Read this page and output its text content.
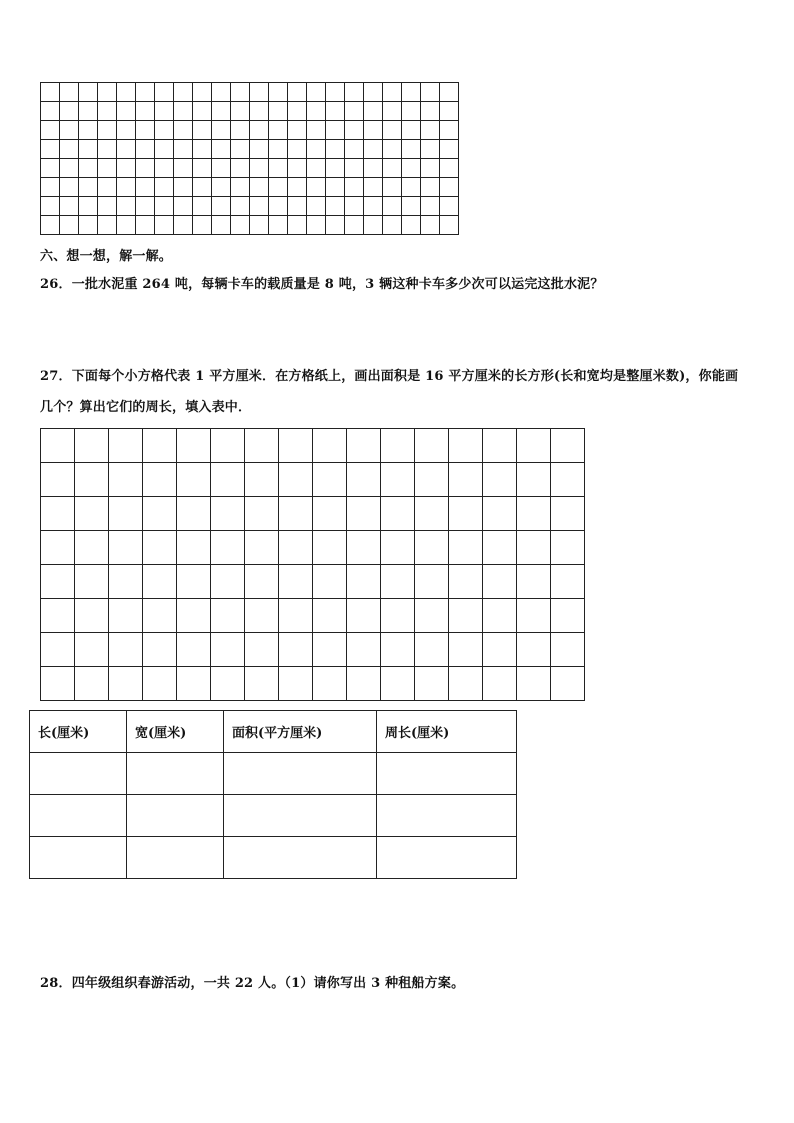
六、想一想，解一解。
26．一批水泥重 264 吨，每辆卡车的载质量是 8 吨，3 辆这种卡车多少次可以运完这批水泥？
27．下面每个小方格代表 1 平方厘米．在方格纸上，画出面积是 16 平方厘米的长方形(长和宽均是整厘米数)，你能画
几个？算出它们的周长，填入表中．

长(厘米)	宽(厘米)	面积(平方厘米)	周长(厘米)

28．四年级组织春游活动，一共 22 人。（1）请你写出 3 种租船方案。
